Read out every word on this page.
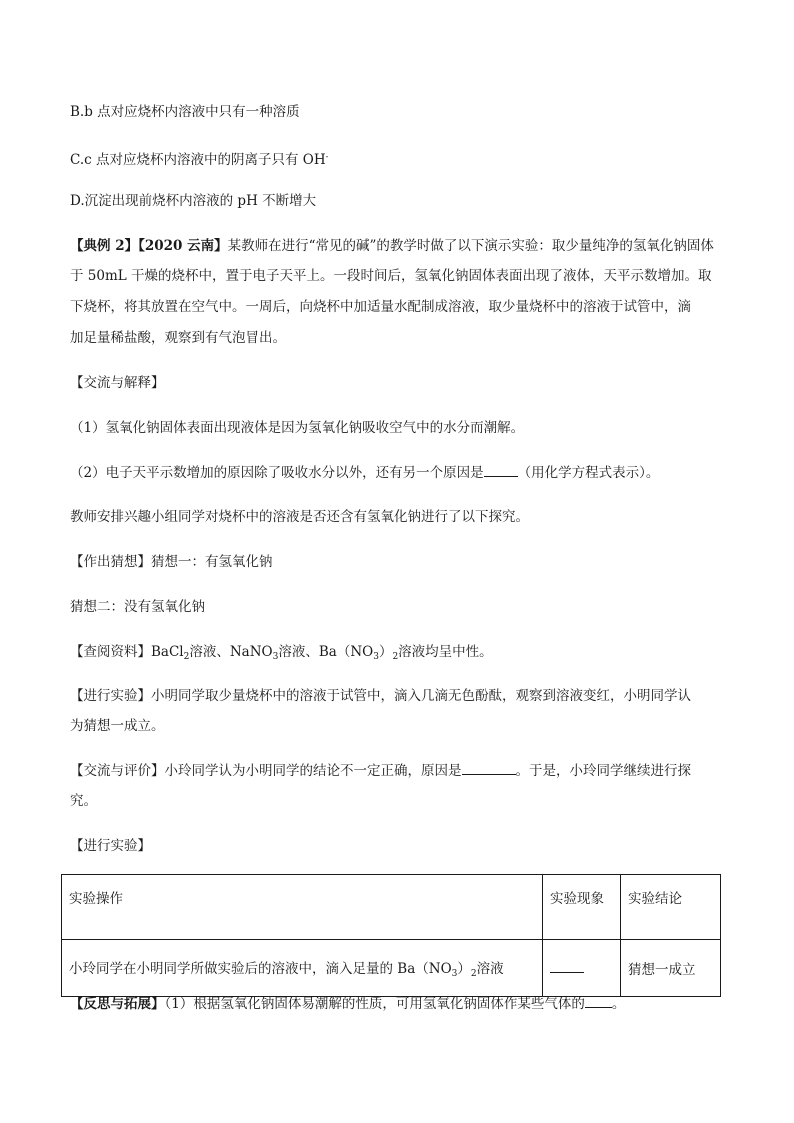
B.b 点对应烧杯内溶液中只有一种溶质
C.c 点对应烧杯内溶液中的阴离子只有 OH-
D.沉淀出现前烧杯内溶液的 pH 不断增大
【典例 2】【2020 云南】某教师在进行“常见的碱”的教学时做了以下演示实验：取少量纯净的氢氧化钠固体
于 50mL 干燥的烧杯中，置于电子天平上。一段时间后，氢氧化钠固体表面出现了液体，天平示数增加。取
下烧杯，将其放置在空气中。一周后，向烧杯中加适量水配制成溶液，取少量烧杯中的溶液于试管中，滴
加足量稀盐酸，观察到有气泡冒出。
【交流与解释】
（1）氢氧化钠固体表面出现液体是因为氢氧化钠吸收空气中的水分而潮解。
（2）电子天平示数增加的原因除了吸收水分以外，还有另一个原因是	（用化学方程式表示）。
教师安排兴趣小组同学对烧杯中的溶液是否还含有氢氧化钠进行了以下探究。
【作出猜想】猜想一：有氢氧化钠
猜想二：没有氢氧化钠
【查阅资料】BaCl$_2$溶液、NaNO$_3$溶液、$Ba(NO_3)_2$溶液均呈中性。
【进行实验】小明同学取少量烧杯中的溶液于试管中，滴入几滴无色酚酞，观察到溶液变红，小明同学认
为猜想一成立。
【交流与评价】小玲同学认为小明同学的结论不一定正确，原因是	。于是，小玲同学继续进行探
究。
【进行实验】
实验操作	实验现象	实验结论
小玲同学在小明同学所做实验后的溶液中，滴入足量的 $Ba(NO_3)_2$溶液		猜想一成立
【反思与拓展】（1）根据氢氧化钠固体易潮解的性质，可用氢氧化钠固体作某些气体的 。
